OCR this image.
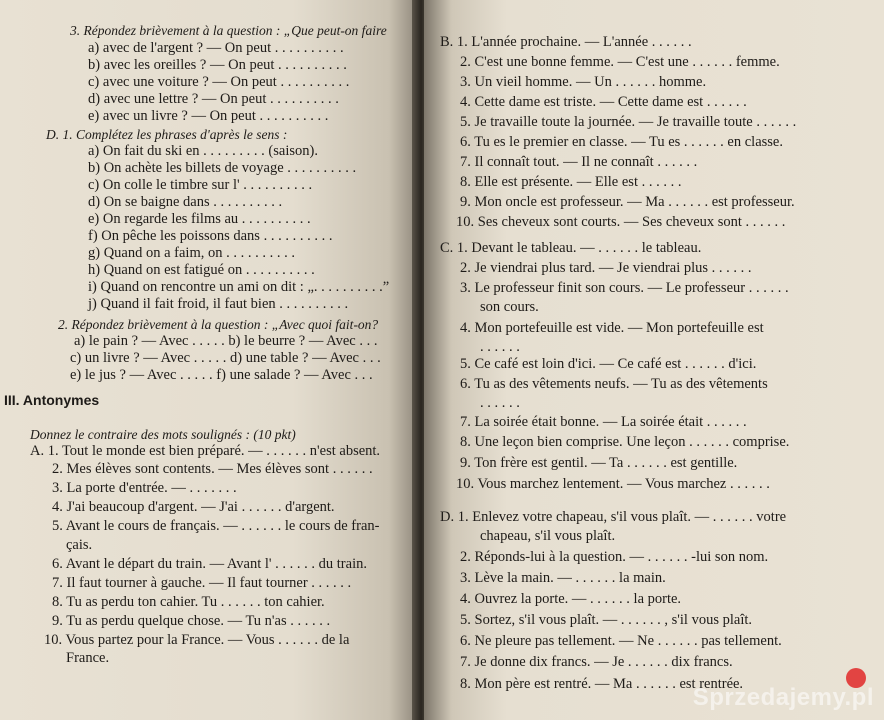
3. Répondez brièvement à la question : „Que peut-on faire
a) avec de l'argent ? — On peut . . . . . . . . . .
b) avec les oreilles ? — On peut . . . . . . . . . .
c) avec une voiture ? — On peut . . . . . . . . . .
d) avec une lettre ? — On peut . . . . . . . . . .
e) avec un livre ? — On peut . . . . . . . . . .
D. 1. Complétez les phrases d'après le sens :
a) On fait du ski en . . . . . . . . . (saison).
b) On achète les billets de voyage . . . . . . . . . .
c) On colle le timbre sur l' . . . . . . . . . .
d) On se baigne dans . . . . . . . . . .
e) On regarde les films au . . . . . . . . . .
f) On pêche les poissons dans . . . . . . . . . .
g) Quand on a faim, on . . . . . . . . . .
h) Quand on est fatigué on . . . . . . . . . .
i) Quand on rencontre un ami on dit : „. . . . . . . . . .”
j) Quand il fait froid, il faut bien . . . . . . . . . .
2. Répondez brièvement à la question : „Avec quoi fait-on?
a) le pain ? — Avec . . . . . b) le beurre ? — Avec . . .
c) un livre ? — Avec . . . . . d) une table ? — Avec . . .
e) le jus ? — Avec . . . . . f) une salade ? — Avec . . .
III. Antonymes
Donnez le contraire des mots soulignés : (10 pkt)
A. 1. Tout le monde est bien préparé. — . . . . . . n'est absent.
2. Mes élèves sont contents. — Mes élèves sont . . . . . .
3. La porte d'entrée. — . . . . . . .
4. J'ai beaucoup d'argent. — J'ai . . . . . . d'argent.
5. Avant le cours de français. — . . . . . . le cours de fran-
çais.
6. Avant le départ du train. — Avant l' . . . . . . du train.
7. Il faut tourner à gauche. — Il faut tourner . . . . . .
8. Tu as perdu ton cahier. Tu . . . . . . ton cahier.
9. Tu as perdu quelque chose. — Tu n'as . . . . . .
10. Vous partez pour la France. — Vous . . . . . . de la
France.
B. 1. L'année prochaine. — L'année . . . . . .
2. C'est une bonne femme. — C'est une . . . . . . femme.
3. Un vieil homme. — Un . . . . . . homme.
4. Cette dame est triste. — Cette dame est . . . . . .
5. Je travaille toute la journée. — Je travaille toute . . . . . .
6. Tu es le premier en classe. — Tu es . . . . . . en classe.
7. Il connaît tout. — Il ne connaît . . . . . .
8. Elle est présente. — Elle est . . . . . .
9. Mon oncle est professeur. — Ma . . . . . . est professeur.
10. Ses cheveux sont courts. — Ses cheveux sont . . . . . .
C. 1. Devant le tableau. — . . . . . . le tableau.
2. Je viendrai plus tard. — Je viendrai plus . . . . . .
3. Le professeur finit son cours. — Le professeur . . . . . .
son cours.
4. Mon portefeuille est vide. — Mon portefeuille est
. . . . . .
5. Ce café est loin d'ici. — Ce café est . . . . . . d'ici.
6. Tu as des vêtements neufs. — Tu as des vêtements
. . . . . .
7. La soirée était bonne. — La soirée était . . . . . .
8. Une leçon bien comprise. Une leçon . . . . . . comprise.
9. Ton frère est gentil. — Ta . . . . . . est gentille.
10. Vous marchez lentement. — Vous marchez . . . . . .
D. 1. Enlevez votre chapeau, s'il vous plaît. — . . . . . . votre
chapeau, s'il vous plaît.
2. Réponds-lui à la question. — . . . . . . -lui son nom.
3. Lève la main. — . . . . . . la main.
4. Ouvrez la porte. — . . . . . . la porte.
5. Sortez, s'il vous plaît. — . . . . . . , s'il vous plaît.
6. Ne pleure pas tellement. — Ne . . . . . . pas tellement.
7. Je donne dix francs. — Je . . . . . . dix francs.
8. Mon père est rentré. — Ma . . . . . . est rentrée.
Sprzedajemy.pl
